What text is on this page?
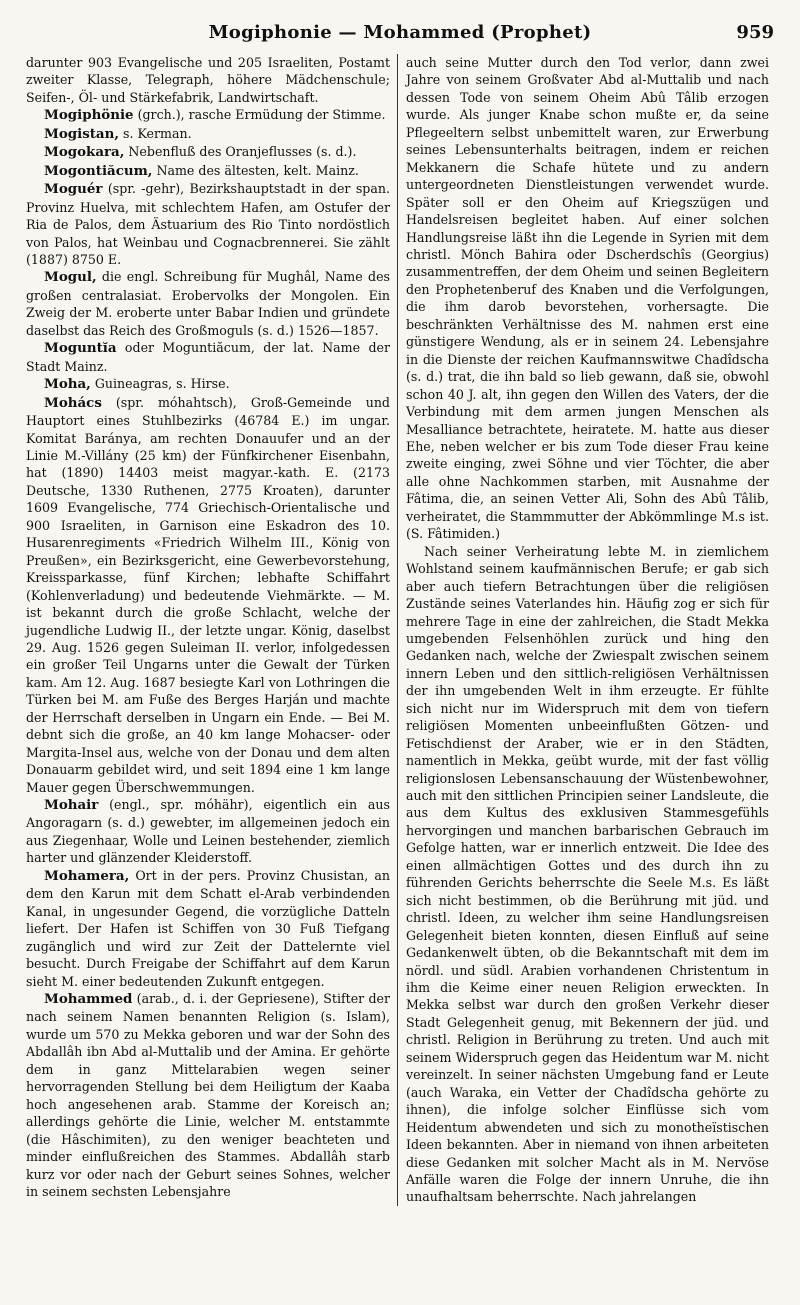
Mogiphonie — Mohammed (Prophet)	959

darunter 903 Evangelische und 205 Israeliten, Postamt zweiter Klasse, Telegraph, höhere Mädchenschule; Seifen-, Öl- und Stärkefabrik, Landwirtschaft.

Mogiphönie (grch.), rasche Ermüdung der Stimme.

Mogistan, s. Kerman.

Mogokara, Nebenfluß des Oranjeflusses (s. d.).

Mogontiăcum, Name des ältesten, kelt. Mainz.

Moguér (spr. -gehr), Bezirkshauptstadt in der span. Provinz Huelva, mit schlechtem Hafen, am Ostufer der Ria de Palos, dem Ästuarium des Rio Tinto nordöstlich von Palos, hat Weinbau und Cognacbrennerei. Sie zählt (1887) 8750 E.

Mogul, die engl. Schreibung für Mughâl, Name des großen centralasiat. Erobervolks der Mongolen. Ein Zweig der M. eroberte unter Babar Indien und gründete daselbst das Reich des Großmoguls (s. d.) 1526—1857.

Moguntĭa oder Moguntiăcum, der lat. Name der Stadt Mainz.

Moha, Guineagras, s. Hirse.

Mohács (spr. móhahtsch), Groß-Gemeinde und Hauptort eines Stuhlbezirks (46784 E.) im ungar. Komitat Baránya, am rechten Donauufer und an der Linie M.-Villány (25 km) der Fünfkirchener Eisenbahn, hat (1890) 14403 meist magyar.-kath. E. (2173 Deutsche, 1330 Ruthenen, 2775 Kroaten), darunter 1609 Evangelische, 774 Griechisch-Orientalische und 900 Israeliten, in Garnison eine Eskadron des 10. Husarenregiments «Friedrich Wilhelm III., König von Preußen», ein Bezirksgericht, eine Gewerbevorstehung, Kreissparkasse, fünf Kirchen; lebhafte Schiffahrt (Kohlenverladung) und bedeutende Viehmärkte. — M. ist bekannt durch die große Schlacht, welche der jugendliche Ludwig II., der letzte ungar. König, daselbst 29. Aug. 1526 gegen Suleiman II. verlor, infolgedessen ein großer Teil Ungarns unter die Gewalt der Türken kam. Am 12. Aug. 1687 besiegte Karl von Lothringen die Türken bei M. am Fuße des Berges Harján und machte der Herrschaft derselben in Ungarn ein Ende. — Bei M. debnt sich die große, an 40 km lange Mohacser- oder Margita-Insel aus, welche von der Donau und dem alten Donauarm gebildet wird, und seit 1894 eine 1 km lange Mauer gegen Überschwemmungen.

Mohair (engl., spr. móhähr), eigentlich ein aus Angoragarn (s. d.) gewebter, im allgemeinen jedoch ein aus Ziegenhaar, Wolle und Leinen bestehender, ziemlich harter und glänzender Kleiderstoff.

Mohamera, Ort in der pers. Provinz Chusistan, an dem den Karun mit dem Schatt el-Arab verbindenden Kanal, in ungesunder Gegend, die vorzügliche Datteln liefert. Der Hafen ist Schiffen von 30 Fuß Tiefgang zugänglich und wird zur Zeit der Dattelernte viel besucht. Durch Freigabe der Schiffahrt auf dem Karun sieht M. einer bedeutenden Zukunft entgegen.

Mohammed (arab., d. i. der Gepriesene), Stifter der nach seinem Namen benannten Religion (s. Islam), wurde um 570 zu Mekka geboren und war der Sohn des Abdallâh ibn Abd al-Muttalib und der Amina. Er gehörte dem in ganz Mittelarabien wegen seiner hervorragenden Stellung bei dem Heiligtum der Kaaba hoch angesehenen arab. Stamme der Koreisch an; allerdings gehörte die Linie, welcher M. entstammte (die Hâschimiten), zu den weniger beachteten und minder einflußreichen des Stammes. Abdallâh starb kurz vor oder nach der Geburt seines Sohnes, welcher in seinem sechsten Lebensjahre

auch seine Mutter durch den Tod verlor, dann zwei Jahre von seinem Großvater Abd al-Muttalib und nach dessen Tode von seinem Oheim Abû Tâlib erzogen wurde. Als junger Knabe schon mußte er, da seine Pflegeeltern selbst unbemittelt waren, zur Erwerbung seines Lebensunterhalts beitragen, indem er reichen Mekkanern die Schafe hütete und zu andern untergeordneten Dienstleistungen verwendet wurde. Später soll er den Oheim auf Kriegszügen und Handelsreisen begleitet haben. Auf einer solchen Handlungsreise läßt ihn die Legende in Syrien mit dem christl. Mönch Bahira oder Dscherdschîs (Georgius) zusammentreffen, der dem Oheim und seinen Begleitern den Prophetenberuf des Knaben und die Verfolgungen, die ihm darob bevorstehen, vorhersagte. Die beschränkten Verhältnisse des M. nahmen erst eine günstigere Wendung, als er in seinem 24. Lebensjahre in die Dienste der reichen Kaufmannswitwe Chadîdscha (s. d.) trat, die ihn bald so lieb gewann, daß sie, obwohl schon 40 J. alt, ihn gegen den Willen des Vaters, der die Verbindung mit dem armen jungen Menschen als Mesalliance betrachtete, heiratete. M. hatte aus dieser Ehe, neben welcher er bis zum Tode dieser Frau keine zweite einging, zwei Söhne und vier Töchter, die aber alle ohne Nachkommen starben, mit Ausnahme der Fâtima, die, an seinen Vetter Ali, Sohn des Abû Tâlib, verheiratet, die Stammmutter der Abkömmlinge M.s ist. (S. Fâtimiden.)

Nach seiner Verheiratung lebte M. in ziemlichem Wohlstand seinem kaufmännischen Berufe; er gab sich aber auch tiefern Betrachtungen über die religiösen Zustände seines Vaterlandes hin. Häufig zog er sich für mehrere Tage in eine der zahlreichen, die Stadt Mekka umgebenden Felsenhöhlen zurück und hing den Gedanken nach, welche der Zwiespalt zwischen seinem innern Leben und den sittlich-religiösen Verhältnissen der ihn umgebenden Welt in ihm erzeugte. Er fühlte sich nicht nur im Widerspruch mit dem von tiefern religiösen Momenten unbeeinflußten Götzen- und Fetischdienst der Araber, wie er in den Städten, namentlich in Mekka, geübt wurde, mit der fast völlig religionslosen Lebensanschauung der Wüstenbewohner, auch mit den sittlichen Principien seiner Landsleute, die aus dem Kultus des exklusiven Stammesgefühls hervorgingen und manchen barbarischen Gebrauch im Gefolge hatten, war er innerlich entzweit. Die Idee des einen allmächtigen Gottes und des durch ihn zu führenden Gerichts beherrschte die Seele M.s. Es läßt sich nicht bestimmen, ob die Berührung mit jüd. und christl. Ideen, zu welcher ihm seine Handlungsreisen Gelegenheit bieten konnten, diesen Einfluß auf seine Gedankenwelt übten, ob die Bekanntschaft mit dem im nördl. und südl. Arabien vorhandenen Christentum in ihm die Keime einer neuen Religion erweckten. In Mekka selbst war durch den großen Verkehr dieser Stadt Gelegenheit genug, mit Bekennern der jüd. und christl. Religion in Berührung zu treten. Und auch mit seinem Widerspruch gegen das Heidentum war M. nicht vereinzelt. In seiner nächsten Umgebung fand er Leute (auch Waraka, ein Vetter der Chadîdscha gehörte zu ihnen), die infolge solcher Einflüsse sich vom Heidentum abwendeten und sich zu monotheïstischen Ideen bekannten. Aber in niemand von ihnen arbeiteten diese Gedanken mit solcher Macht als in M. Nervöse Anfälle waren die Folge der innern Unruhe, die ihn unaufhaltsam beherrschte. Nach jahrelangen
